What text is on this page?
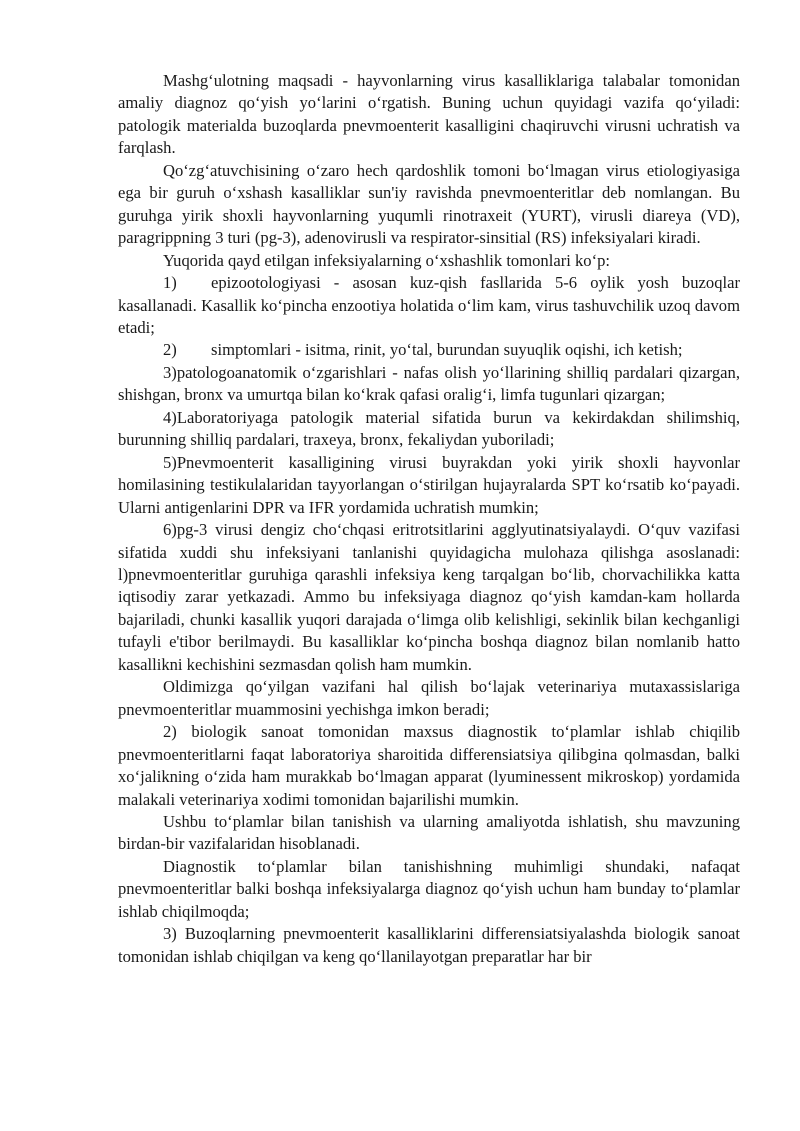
Mashg‘ulotning maqsadi - hayvonlarning virus kasalliklariga talabalar tomonidan amaliy diagnoz qo‘yish yo‘larini o‘rgatish. Buning uchun quyidagi vazifa qo‘yiladi: patologik materialda buzoqlarda pnevmoenterit kasalligini chaqiruvchi virusni uchratish va farqlash.

Qo‘zg‘atuvchisining o‘zaro hech qardoshlik tomoni bo‘lmagan virus etiologiyasiga ega bir guruh o‘xshash kasalliklar sun'iy ravishda pnevmoenteritlar deb nomlangan. Bu guruhga yirik shoxli hayvonlarning yuqumli rinotraxeit (YURT), virusli diareya (VD), paragrippning 3 turi (pg-3), adenovirusli va respirator-sinsitial (RS) infeksiyalari kiradi.

Yuqorida qayd etilgan infeksiyalarning o‘xshashlik tomonlari ko‘p:

1) epizootologiyasi - asosan kuz-qish fasllarida 5-6 oylik yosh buzoqlar kasallanadi. Kasallik ko‘pincha enzootiya holatida o‘lim kam, virus tashuvchilik uzoq davom etadi;

2) simptomlari - isitma, rinit, yo‘tal, burundan suyuqlik oqishi, ich ketish;

3)patologoanatomik o‘zgarishlari - nafas olish yo‘llarining shilliq pardalari qizargan, shishgan, bronx va umurtqa bilan ko‘krak qafasi oralig‘i, limfa tugunlari qizargan;

4)Laboratoriyaga patologik material sifatida burun va kekirdakdan shilimshiq, burunning shilliq pardalari, traxeya, bronx, fekaliydan yuboriladi;

5)Pnevmoenterit kasalligining virusi buyrakdan yoki yirik shoxli hayvonlar homilasining testikulalaridan tayyorlangan o‘stirilgan hujayralarda SPT ko‘rsatib ko‘payadi. Ularni antigenlarini DPR va IFR yordamida uchratish mumkin;

6)pg-3 virusi dengiz cho‘chqasi eritrotsitlarini agglyutinatsiyalaydi. O‘quv vazifasi sifatida xuddi shu infeksiyani tanlanishi quyidagicha mulohaza qilishga asoslanadi: l)pnevmoenteritlar guruhiga qarashli infeksiya keng tarqalgan bo‘lib, chorvachilikka katta iqtisodiy zarar yetkazadi. Ammo bu infeksiyaga diagnoz qo‘yish kamdan-kam hollarda bajariladi, chunki kasallik yuqori darajada o‘limga olib kelishligi, sekinlik bilan kechganligi tufayli e'tibor berilmaydi. Bu kasalliklar ko‘pincha boshqa diagnoz bilan nomlanib hatto kasallikni kechishini sezmasdan qolish ham mumkin.

Oldimizga qo‘yilgan vazifani hal qilish bo‘lajak veterinariya mutaxassislariga pnevmoenteritlar muammosini yechishga imkon beradi;

2) biologik sanoat tomonidan maxsus diagnostik to‘plamlar ishlab chiqilib pnevmoenteritlarni faqat laboratoriya sharoitida differensiatsiya qilibgina qolmasdan, balki xo‘jalikning o‘zida ham murakkab bo‘lmagan apparat (lyuminessent mikroskop) yordamida malakali veterinariya xodimi tomonidan bajarilishi mumkin.

Ushbu to‘plamlar bilan tanishish va ularning amaliyotda ishlatish, shu mavzuning birdan-bir vazifalaridan hisoblanadi.

Diagnostik to‘plamlar bilan tanishishning muhimligi shundaki, nafaqat pnevmoenteritlar balki boshqa infeksiyalarga diagnoz qo‘yish uchun ham bunday to‘plamlar ishlab chiqilmoqda;

3) Buzoqlarning pnevmoenterit kasalliklarini differensiatsiyalashda biologik sanoat tomonidan ishlab chiqilgan va keng qo‘llanilayotgan preparatlar har bir
